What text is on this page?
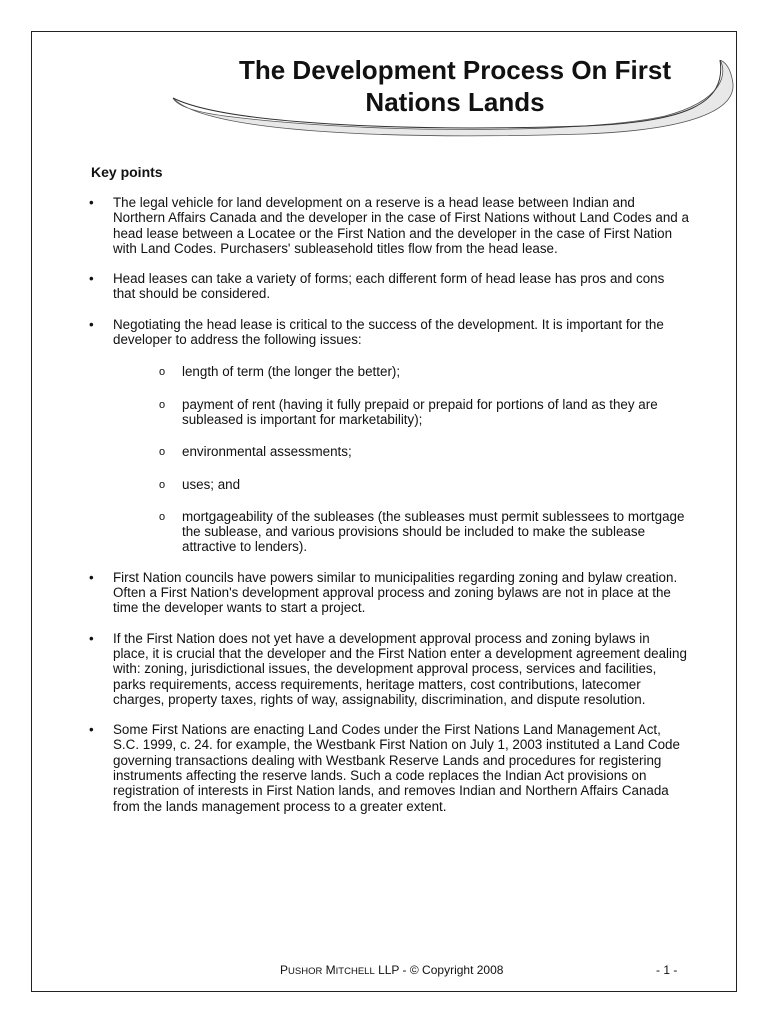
The Development Process On First
Nations Lands
Key points
•	The legal vehicle for land development on a reserve is a head lease between Indian and Northern Affairs Canada and the developer in the case of First Nations without Land Codes and a head lease between a Locatee or the First Nation and the developer in the case of First Nation with Land Codes. Purchasers' subleasehold titles flow from the head lease.
•	Head leases can take a variety of forms; each different form of head lease has pros and cons that should be considered.
•	Negotiating the head lease is critical to the success of the development. It is important for the developer to address the following issues:
o length of term (the longer the better);
o payment of rent (having it fully prepaid or prepaid for portions of land as they are subleased is important for marketability);
o environmental assessments;
o uses; and
o mortgageability of the subleases (the subleases must permit sublessees to mortgage the sublease, and various provisions should be included to make the sublease attractive to lenders).
•	First Nation councils have powers similar to municipalities regarding zoning and bylaw creation. Often a First Nation's development approval process and zoning bylaws are not in place at the time the developer wants to start a project.
•	If the First Nation does not yet have a development approval process and zoning bylaws in place, it is crucial that the developer and the First Nation enter a development agreement dealing with: zoning, jurisdictional issues, the development approval process, services and facilities, parks requirements, access requirements, heritage matters, cost contributions, latecomer charges, property taxes, rights of way, assignability, discrimination, and dispute resolution.
•	Some First Nations are enacting Land Codes under the First Nations Land Management Act, S.C. 1999, c. 24. for example, the Westbank First Nation on July 1, 2003 instituted a Land Code governing transactions dealing with Westbank Reserve Lands and procedures for registering instruments affecting the reserve lands. Such a code replaces the Indian Act provisions on registration of interests in First Nation lands, and removes Indian and Northern Affairs Canada from the lands management process to a greater extent.
PUSHOR MITCHELL LLP - © Copyright 2008	- 1 -
